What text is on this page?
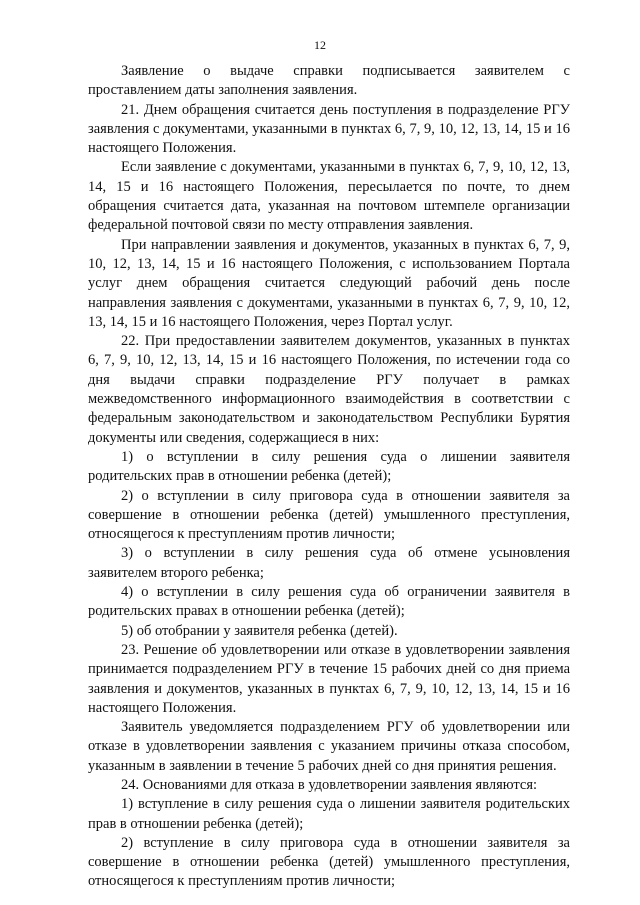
12

Заявление о выдаче справки подписывается заявителем с проставлением даты заполнения заявления.

21. Днем обращения считается день поступления в подразделение РГУ заявления с документами, указанными в пунктах 6, 7, 9, 10, 12, 13, 14, 15 и 16 настоящего Положения.

Если заявление с документами, указанными в пунктах 6, 7, 9, 10, 12, 13, 14, 15 и 16 настоящего Положения, пересылается по почте, то днем обращения считается дата, указанная на почтовом штемпеле организации федеральной почтовой связи по месту отправления заявления.

При направлении заявления и документов, указанных в пунктах 6, 7, 9, 10, 12, 13, 14, 15 и 16 настоящего Положения, с использованием Портала услуг днем обращения считается следующий рабочий день после направления заявления с документами, указанными в пунктах 6, 7, 9, 10, 12, 13, 14, 15 и 16 настоящего Положения, через Портал услуг.

22. При предоставлении заявителем документов, указанных в пунктах 6, 7, 9, 10, 12, 13, 14, 15 и 16 настоящего Положения, по истечении года со дня выдачи справки подразделение РГУ получает в рамках межведомственного информационного взаимодействия в соответствии с федеральным законодательством и законодательством Республики Бурятия документы или сведения, содержащиеся в них:

1) о вступлении в силу решения суда о лишении заявителя родительских прав в отношении ребенка (детей);

2) о вступлении в силу приговора суда в отношении заявителя за совершение в отношении ребенка (детей) умышленного преступления, относящегося к преступлениям против личности;

3) о вступлении в силу решения суда об отмене усыновления заявителем второго ребенка;

4) о вступлении в силу решения суда об ограничении заявителя в родительских правах в отношении ребенка (детей);

5) об отобрании у заявителя ребенка (детей).

23. Решение об удовлетворении или отказе в удовлетворении заявления принимается подразделением РГУ в течение 15 рабочих дней со дня приема заявления и документов, указанных в пунктах 6, 7, 9, 10, 12, 13, 14, 15 и 16 настоящего Положения.

Заявитель уведомляется подразделением РГУ об удовлетворении или отказе в удовлетворении заявления с указанием причины отказа способом, указанным в заявлении в течение 5 рабочих дней со дня принятия решения.

24. Основаниями для отказа в удовлетворении заявления являются:

1) вступление в силу решения суда о лишении заявителя родительских прав в отношении ребенка (детей);

2) вступление в силу приговора суда в отношении заявителя за совершение в отношении ребенка (детей) умышленного преступления, относящегося к преступлениям против личности;
